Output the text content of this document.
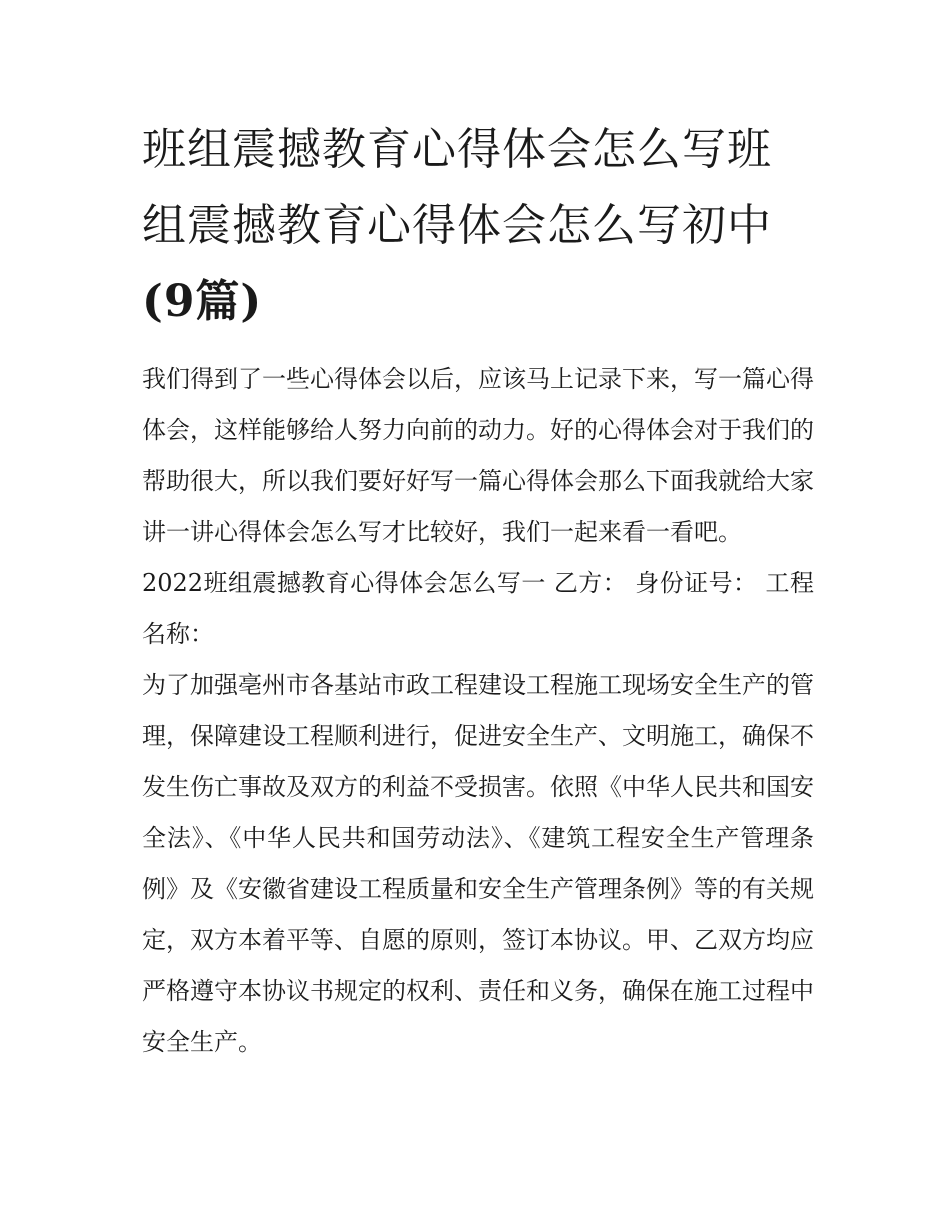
班组震撼教育心得体会怎么写班组震撼教育心得体会怎么写初中(9篇)

我们得到了一些心得体会以后，应该马上记录下来，写一篇心得体会，这样能够给人努力向前的动力。好的心得体会对于我们的帮助很大，所以我们要好好写一篇心得体会那么下面我就给大家讲一讲心得体会怎么写才比较好，我们一起来看一看吧。

2022班组震撼教育心得体会怎么写一 乙方： 身份证号： 工程名称：

为了加强亳州市各基站市政工程建设工程施工现场安全生产的管理，保障建设工程顺利进行，促进安全生产、文明施工，确保不发生伤亡事故及双方的利益不受损害。依照《中华人民共和国安全法》、《中华人民共和国劳动法》、《建筑工程安全生产管理条例》及《安徽省建设工程质量和安全生产管理条例》等的有关规定，双方本着平等、自愿的原则，签订本协议。甲、乙双方均应严格遵守本协议书规定的权利、责任和义务，确保在施工过程中安全生产。
